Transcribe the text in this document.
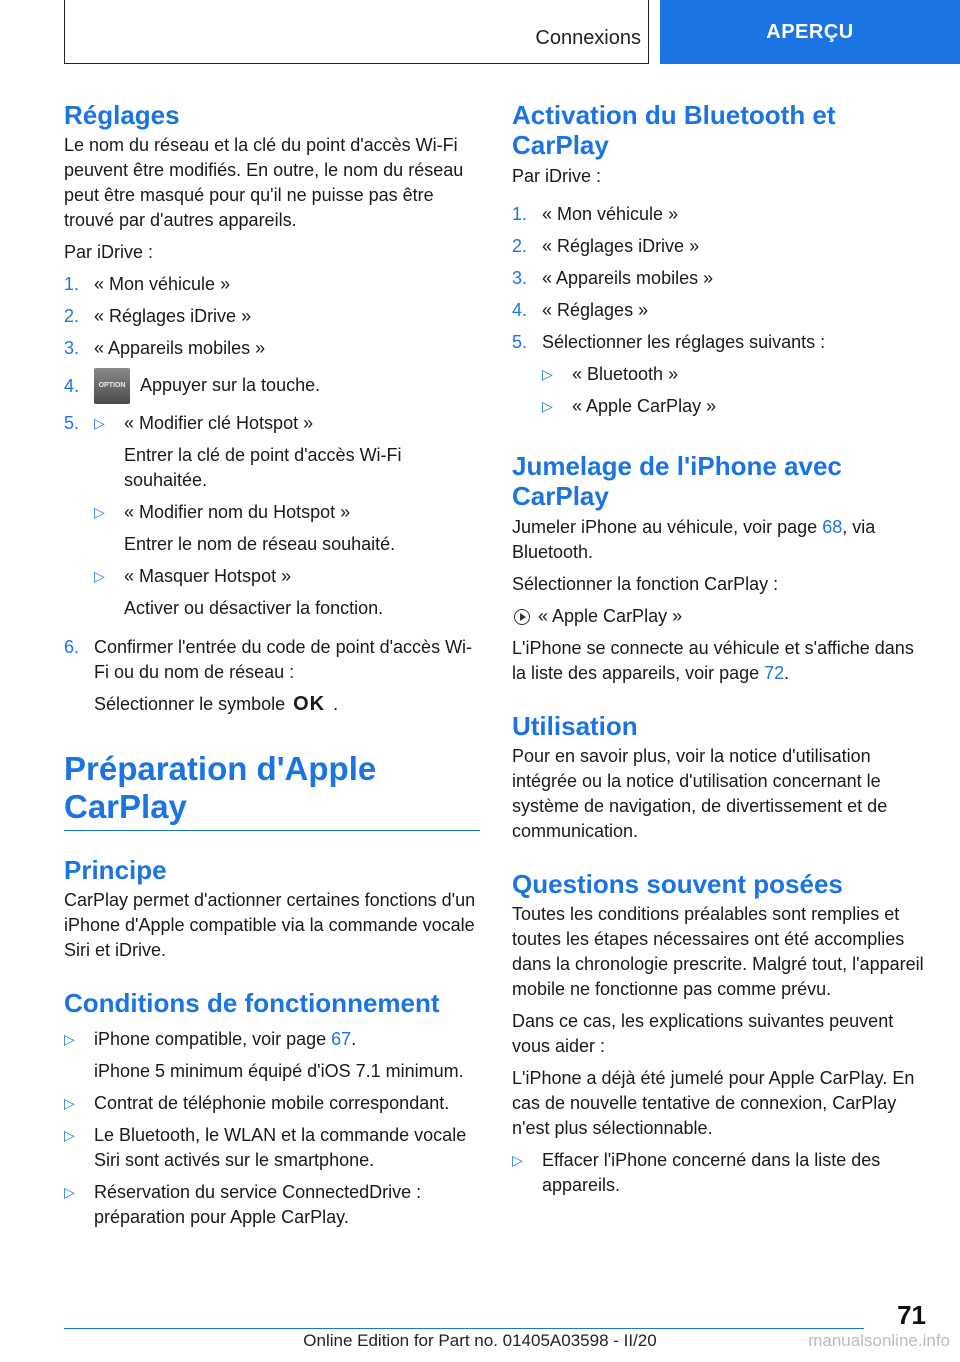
Connexions	APERÇU
Réglages

Le nom du réseau et la clé du point d'accès Wi-Fi peuvent être modifiés. En outre, le nom du réseau peut être masqué pour qu'il ne puisse pas être trouvé par d'autres appareils.

Par iDrive :

1. « Mon véhicule »
2. « Réglages iDrive »
3. « Appareils mobiles »
4.	OPTION Appuyer sur la touche.
5.	▷	« Modifier clé Hotspot »
Entrer la clé de point d'accès Wi-Fi souhaitée.
▷	« Modifier nom du Hotspot »
Entrer le nom de réseau souhaité.
▷	« Masquer Hotspot »
Activer ou désactiver la fonction.
6. Confirmer l'entrée du code de point d'accès Wi-Fi ou du nom de réseau :
Sélectionner le symbole OK .
Préparation d'Apple CarPlay
Principe

CarPlay permet d'actionner certaines fonctions d'un iPhone d'Apple compatible via la commande vocale Siri et iDrive.

Conditions de fonctionnement
▷	iPhone compatible, voir page 67.
iPhone 5 minimum équipé d'iOS 7.1 minimum.
▷	Contrat de téléphonie mobile correspondant.
▷	Le Bluetooth, le WLAN et la commande vocale Siri sont activés sur le smartphone.
▷	Réservation du service ConnectedDrive : préparation pour Apple CarPlay.
Activation du Bluetooth et CarPlay

Par iDrive :

1. « Mon véhicule »
2. « Réglages iDrive »
3. « Appareils mobiles »
4. « Réglages »
5. Sélectionner les réglages suivants :
▷	« Bluetooth »
▷	« Apple CarPlay »
Jumelage de l'iPhone avec CarPlay

Jumeler iPhone au véhicule, voir page 68, via Bluetooth.

Sélectionner la fonction CarPlay :

« Apple CarPlay »

L'iPhone se connecte au véhicule et s'affiche dans la liste des appareils, voir page 72.

Utilisation

Pour en savoir plus, voir la notice d'utilisation intégrée ou la notice d'utilisation concernant le système de navigation, de divertissement et de communication.

Questions souvent posées

Toutes les conditions préalables sont remplies et toutes les étapes nécessaires ont été accomplies dans la chronologie prescrite. Malgré tout, l'appareil mobile ne fonctionne pas comme prévu.

Dans ce cas, les explications suivantes peuvent vous aider :

L'iPhone a déjà été jumelé pour Apple CarPlay. En cas de nouvelle tentative de connexion, CarPlay n'est plus sélectionnable.

▷	Effacer l'iPhone concerné dans la liste des appareils.
71
Online Edition for Part no. 01405A03598 - II/20	manualsonline.info
